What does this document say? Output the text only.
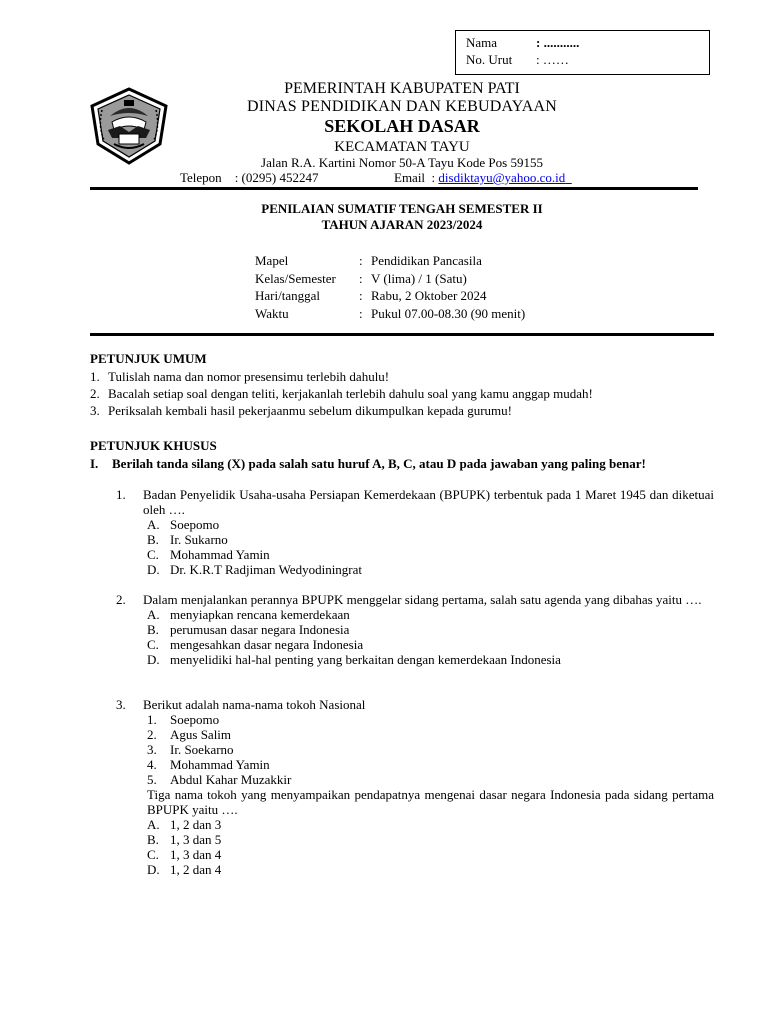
Nama	: ...........
No. Urut	: ……
PEMERINTAH KABUPATEN PATI
DINAS PENDIDIKAN DAN KEBUDAYAAN
SEKOLAH DASAR
KECAMATAN TAYU
Jalan R.A. Kartini Nomor 50-A Tayu Kode Pos 59155
Telepon : (0295) 452247	Email : disdiktayu@yahoo.co.id
PENILAIAN SUMATIF TENGAH SEMESTER II
TAHUN AJARAN 2023/2024
Mapel	: Pendidikan Pancasila
Kelas/Semester	: V (lima) / 1 (Satu)
Hari/tanggal	: Rabu, 2 Oktober 2024
Waktu	: Pukul 07.00-08.30 (90 menit)
PETUNJUK UMUM
1. Tulislah nama dan nomor presensimu terlebih dahulu!
2. Bacalah setiap soal dengan teliti, kerjakanlah terlebih dahulu soal yang kamu anggap mudah!
3. Periksalah kembali hasil pekerjaanmu sebelum dikumpulkan kepada gurumu!
PETUNJUK KHUSUS
I. Berilah tanda silang (X) pada salah satu huruf A, B, C, atau D pada jawaban yang paling benar!
1. Badan Penyelidik Usaha-usaha Persiapan Kemerdekaan (BPUPK) terbentuk pada 1 Maret 1945 dan diketuai oleh ….
A. Soepomo
B. Ir. Sukarno
C. Mohammad Yamin
D. Dr. K.R.T Radjiman Wedyodiningrat
2. Dalam menjalankan perannya BPUPK menggelar sidang pertama, salah satu agenda yang dibahas yaitu ….
A. menyiapkan rencana kemerdekaan
B. perumusan dasar negara Indonesia
C. mengesahkan dasar negara Indonesia
D. menyelidiki hal-hal penting yang berkaitan dengan kemerdekaan Indonesia
3. Berikut adalah nama-nama tokoh Nasional
1.	Soepomo
2.	Agus Salim
3.	Ir. Soekarno
4.	Mohammad Yamin
5.	Abdul Kahar Muzakkir
Tiga nama tokoh yang menyampaikan pendapatnya mengenai dasar negara Indonesia pada sidang pertama BPUPK yaitu ….
A. 1, 2 dan 3
B. 1, 3 dan 5
C. 1, 3 dan 4
D. 1, 2 dan 4
